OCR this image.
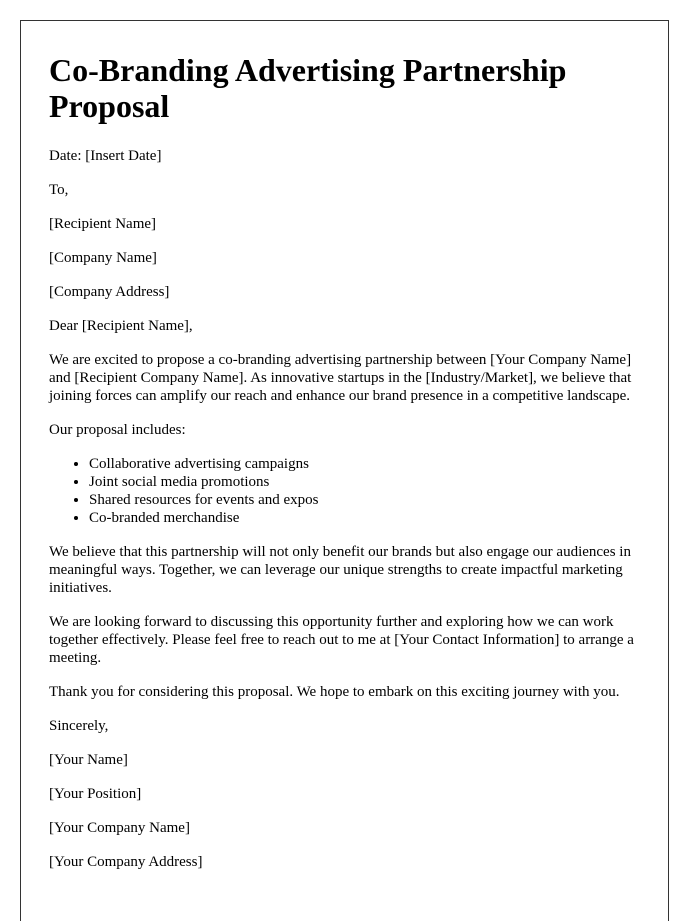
Co-Branding Advertising Partnership Proposal

Date: [Insert Date]

To,

[Recipient Name]

[Company Name]

[Company Address]

Dear [Recipient Name],

We are excited to propose a co-branding advertising partnership between [Your Company Name] and [Recipient Company Name]. As innovative startups in the [Industry/Market], we believe that joining forces can amplify our reach and enhance our brand presence in a competitive landscape.

Our proposal includes:

• Collaborative advertising campaigns
• Joint social media promotions
• Shared resources for events and expos
• Co-branded merchandise

We believe that this partnership will not only benefit our brands but also engage our audiences in meaningful ways. Together, we can leverage our unique strengths to create impactful marketing initiatives.

We are looking forward to discussing this opportunity further and exploring how we can work together effectively. Please feel free to reach out to me at [Your Contact Information] to arrange a meeting.

Thank you for considering this proposal. We hope to embark on this exciting journey with you.

Sincerely,

[Your Name]

[Your Position]

[Your Company Name]

[Your Company Address]
